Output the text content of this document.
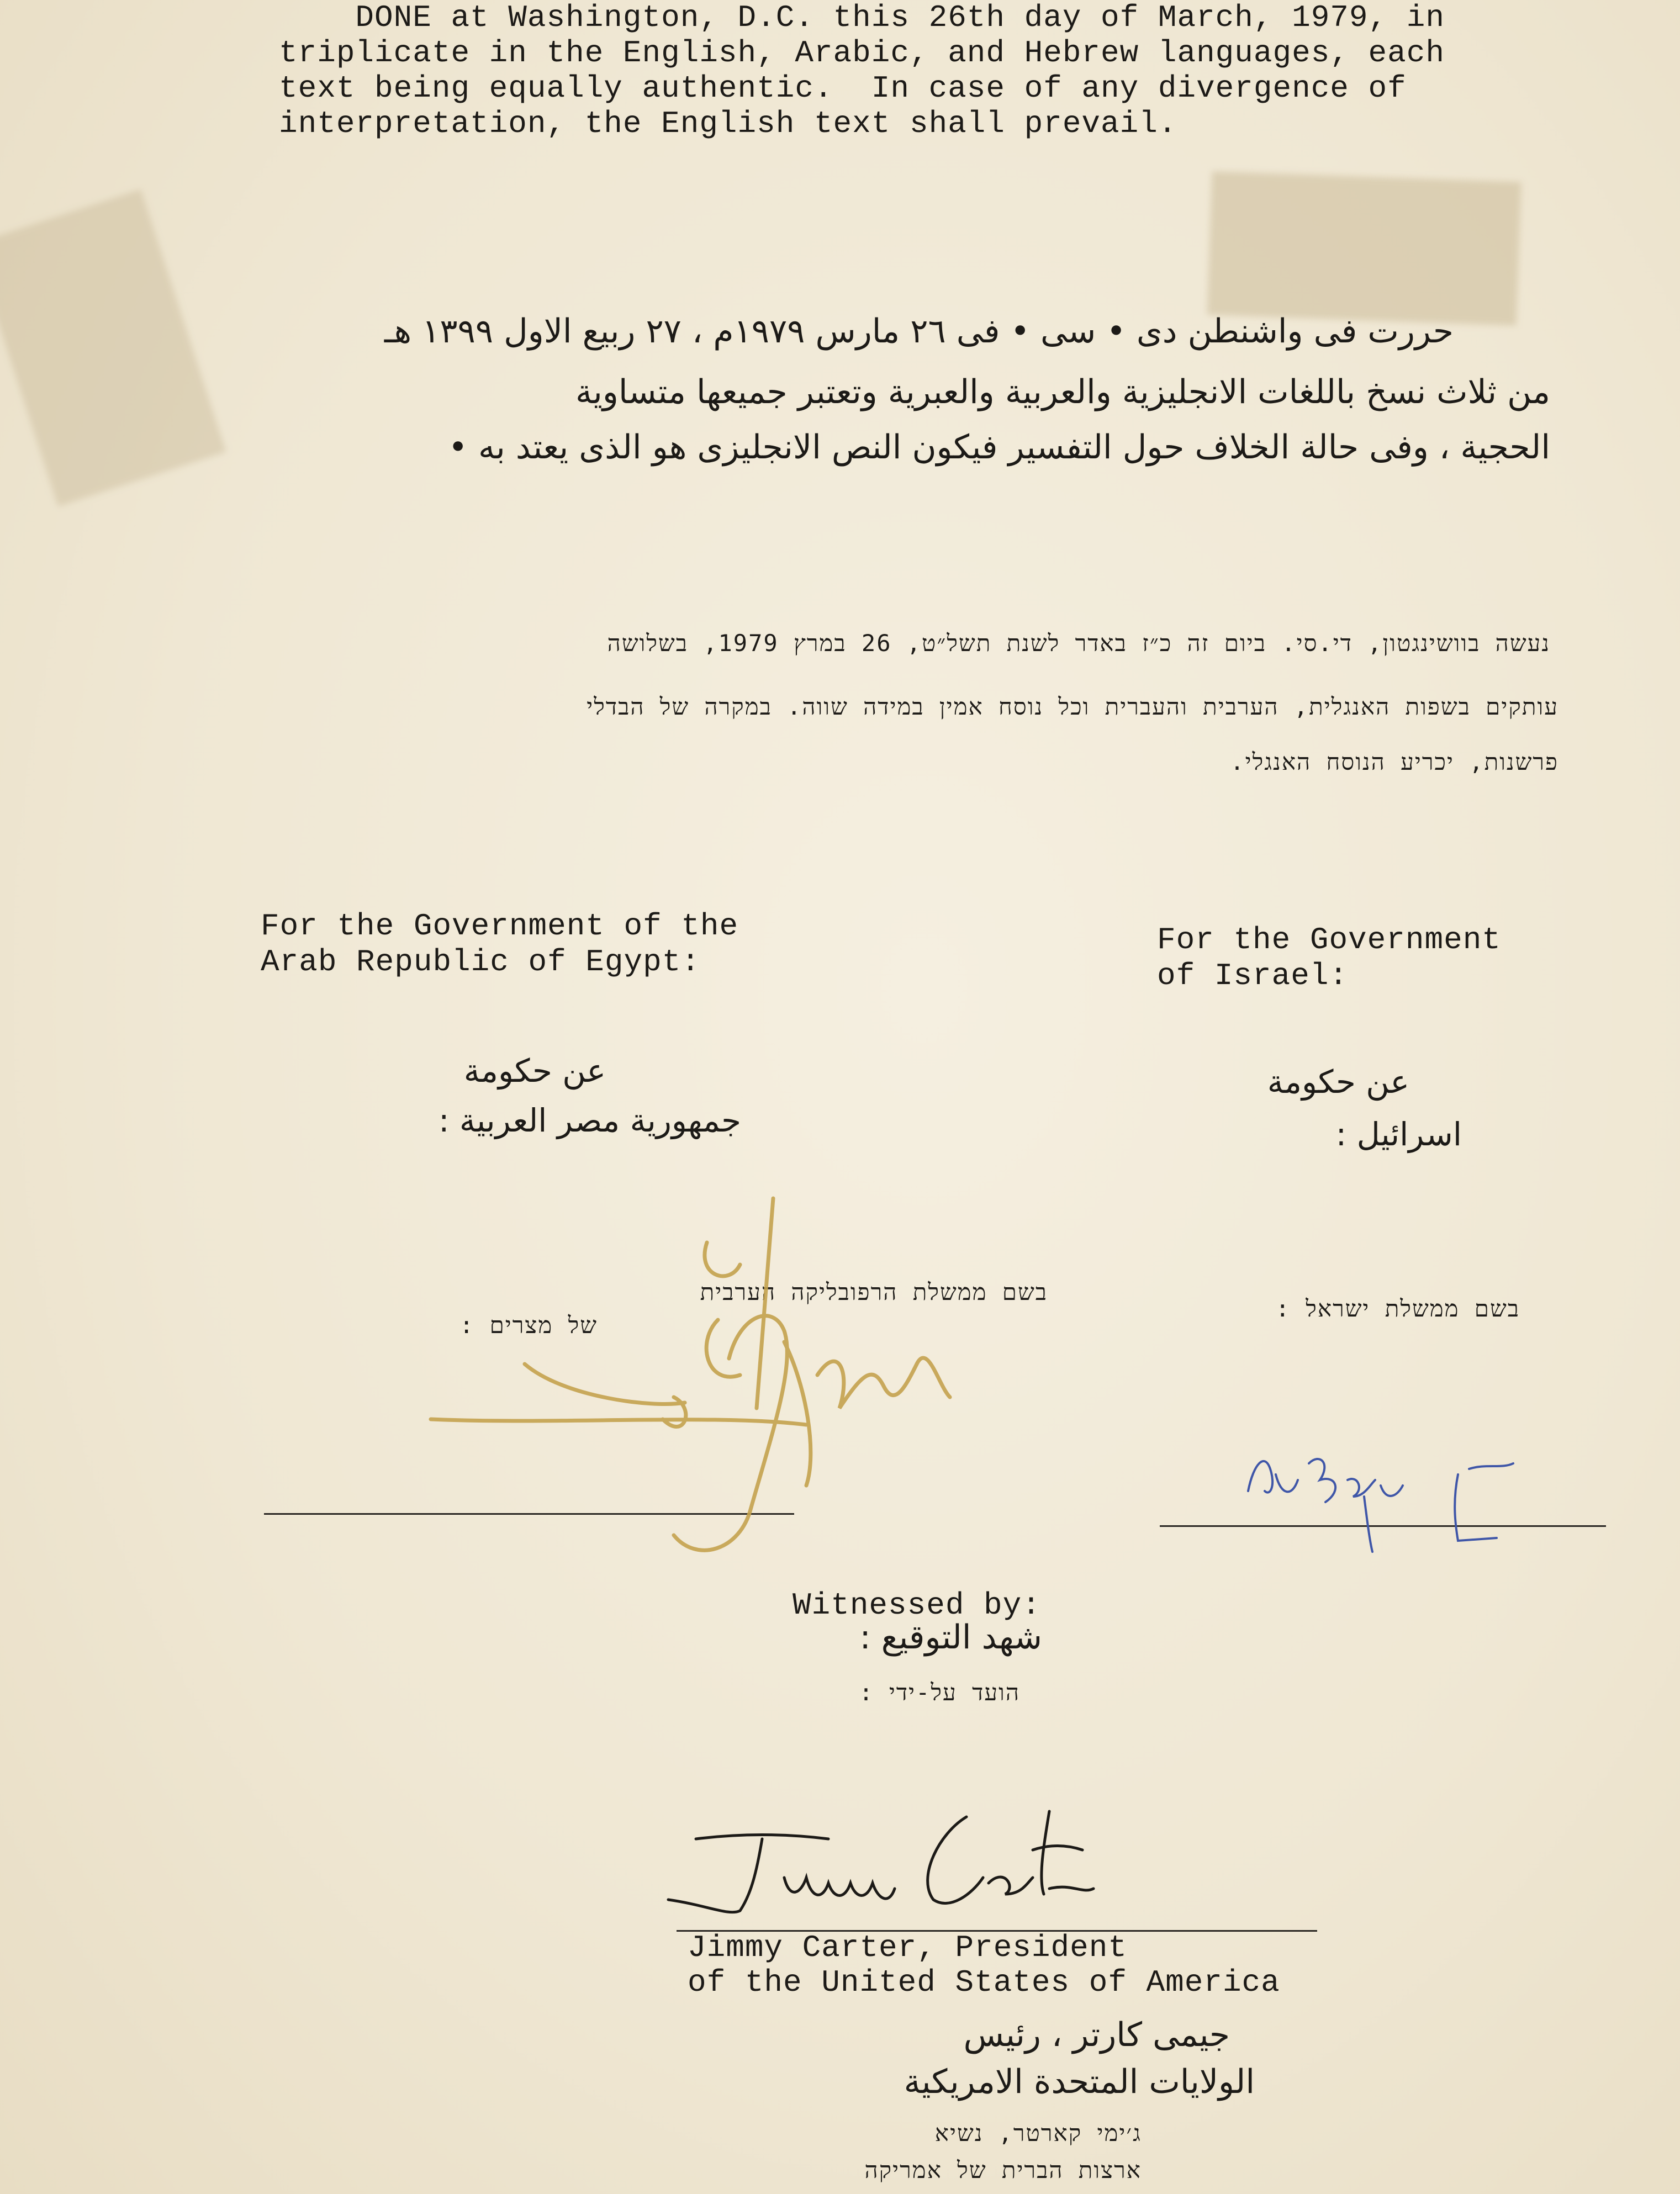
DONE at Washington, D.C. this 26th day of March, 1979, in
triplicate in the English, Arabic, and Hebrew languages, each
text being equally authentic.  In case of any divergence of
interpretation, the English text shall prevail.
حررت فى واشنطن دى • سى • فى ٢٦ مارس ١٩٧٩م ، ٢٧ ربيع الاول ١٣٩٩ هـ
من ثلاث نسخ باللغات الانجليزية والعربية والعبرية وتعتبر جميعها متساوية
الحجية ، وفى حالة الخلاف حول التفسير فيكون النص الانجليزى هو الذى يعتد به •
נעשה בוושינגטון, די.סי. ביום זה כ״ז באדר לשנת תשל״ט, 26 במרץ 1979, בשלושה
עותקים בשפות האנגלית, הערבית והעברית וכל נוסח אמין במידה שווה. במקרה של הבדלי
פרשנות, יכריע הנוסח האנגלי.
For the Government of the
Arab Republic of Egypt:
عن حكومة
جمهورية مصر العربية :
בשם ממשלת הרפובליקה הערבית
של מצרים :
For the Government
of Israel:
عن حكومة
اسرائيل :
בשם ממשלת ישראל :
Witnessed by:
شهد التوقيع :
הועד על-ידי :
Jimmy Carter, President
of the United States of America
جيمى كارتر ، رئيس
الولايات المتحدة الامريكية
ג׳ימי קארטר, נשיא
ארצות הברית של אמריקה
